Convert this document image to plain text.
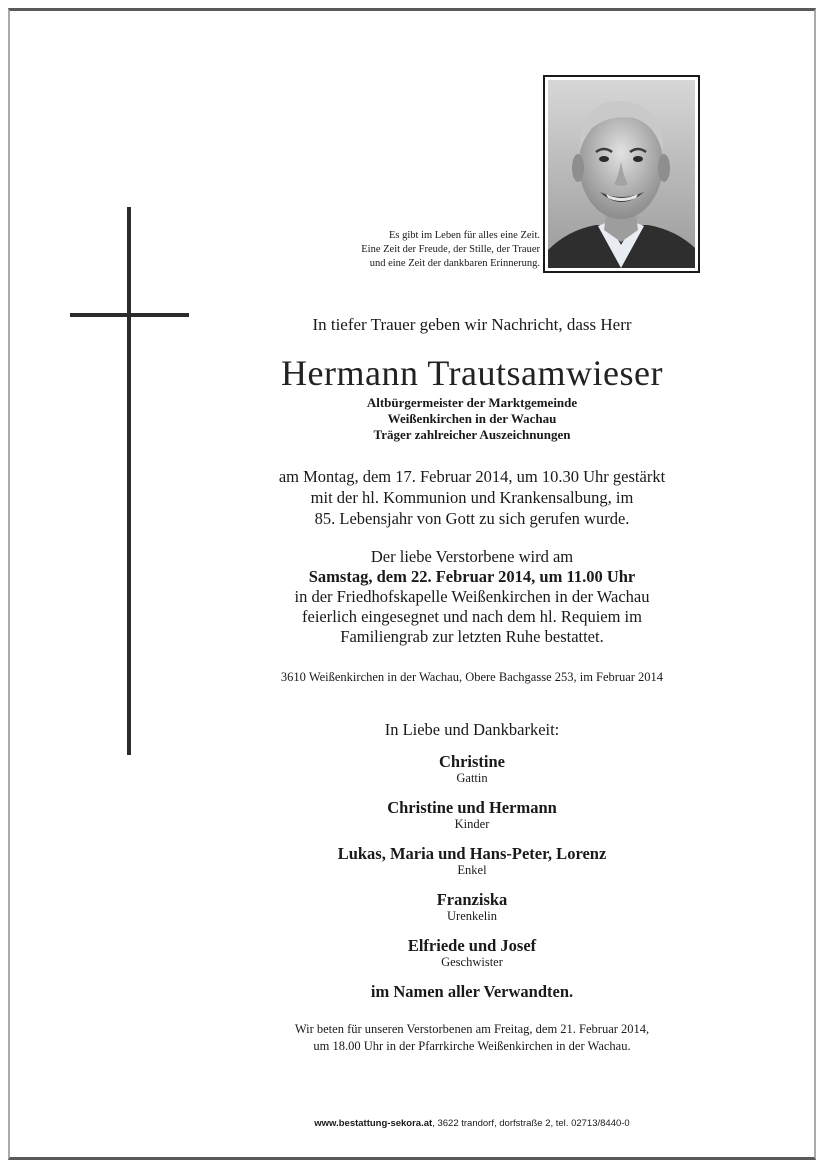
Es gibt im Leben für alles eine Zeit.
Eine Zeit der Freude, der Stille, der Trauer
und eine Zeit der dankbaren Erinnerung.
In tiefer Trauer geben wir Nachricht, dass Herr
Hermann Trautsamwieser
Altbürgermeister der Marktgemeinde
Weißenkirchen in der Wachau
Träger zahlreicher Auszeichnungen
am Montag, dem 17. Februar 2014, um 10.30 Uhr gestärkt
mit der hl. Kommunion und Krankensalbung, im
85. Lebensjahr von Gott zu sich gerufen wurde.
Der liebe Verstorbene wird am
Samstag, dem 22. Februar 2014, um 11.00 Uhr
in der Friedhofskapelle Weißenkirchen in der Wachau
feierlich eingesegnet und nach dem hl. Requiem im
Familiengrab zur letzten Ruhe bestattet.
3610 Weißenkirchen in der Wachau, Obere Bachgasse 253, im Februar 2014
In Liebe und Dankbarkeit:
Christine
Gattin
Christine und Hermann
Kinder
Lukas, Maria und Hans-Peter, Lorenz
Enkel
Franziska
Urenkelin
Elfriede und Josef
Geschwister
im Namen aller Verwandten.
Wir beten für unseren Verstorbenen am Freitag, dem 21. Februar 2014,
um 18.00 Uhr in der Pfarrkirche Weißenkirchen in der Wachau.
www.bestattung-sekora.at, 3622 trandorf, dorfstraße 2, tel. 02713/8440-0
